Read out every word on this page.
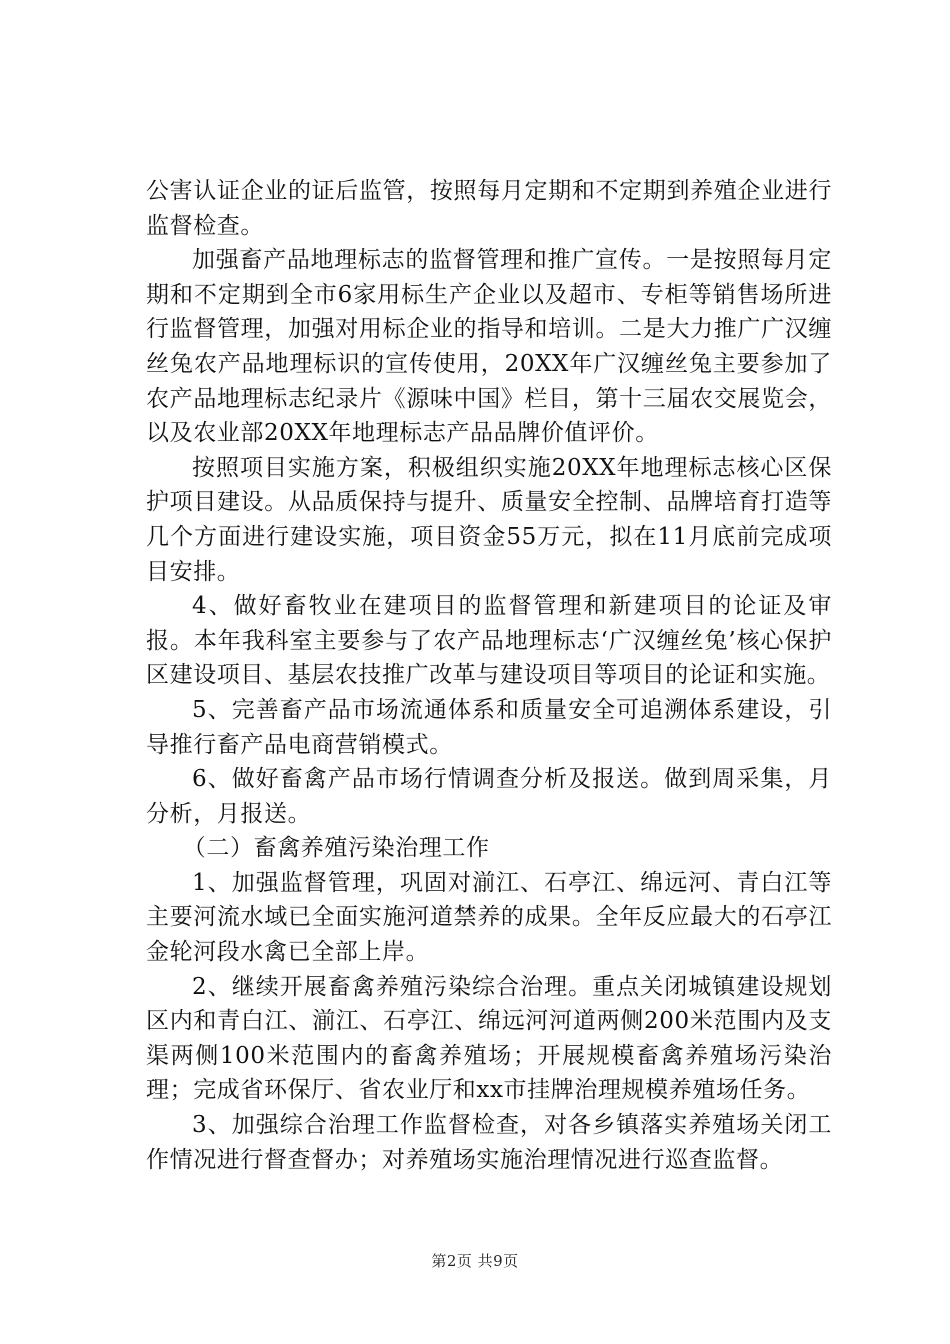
公害认证企业的证后监管，按照每月定期和不定期到养殖企业进行监督检查。

加强畜产品地理标志的监督管理和推广宣传。一是按照每月定期和不定期到全市6家用标生产企业以及超市、专柜等销售场所进行监督管理，加强对用标企业的指导和培训。二是大力推广广汉缠丝兔农产品地理标识的宣传使用，20XX年广汉缠丝兔主要参加了农产品地理标志纪录片《源味中国》栏目，第十三届农交展览会，以及农业部20XX年地理标志产品品牌价值评价。

按照项目实施方案，积极组织实施20XX年地理标志核心区保护项目建设。从品质保持与提升、质量安全控制、品牌培育打造等几个方面进行建设实施，项目资金55万元，拟在11月底前完成项目安排。

4、做好畜牧业在建项目的监督管理和新建项目的论证及审报。本年我科室主要参与了农产品地理标志‘广汉缠丝兔’核心保护区建设项目、基层农技推广改革与建设项目等项目的论证和实施。

5、完善畜产品市场流通体系和质量安全可追溯体系建设，引导推行畜产品电商营销模式。

6、做好畜禽产品市场行情调查分析及报送。做到周采集，月分析，月报送。

（二）畜禽养殖污染治理工作

1、加强监督管理，巩固对湔江、石亭江、绵远河、青白江等主要河流水域已全面实施河道禁养的成果。全年反应最大的石亭江金轮河段水禽已全部上岸。

2、继续开展畜禽养殖污染综合治理。重点关闭城镇建设规划区内和青白江、湔江、石亭江、绵远河河道两侧200米范围内及支渠两侧100米范围内的畜禽养殖场；开展规模畜禽养殖场污染治理；完成省环保厅、省农业厅和xx市挂牌治理规模养殖场任务。

3、加强综合治理工作监督检查，对各乡镇落实养殖场关闭工作情况进行督查督办；对养殖场实施治理情况进行巡查监督。

第2页 共9页
